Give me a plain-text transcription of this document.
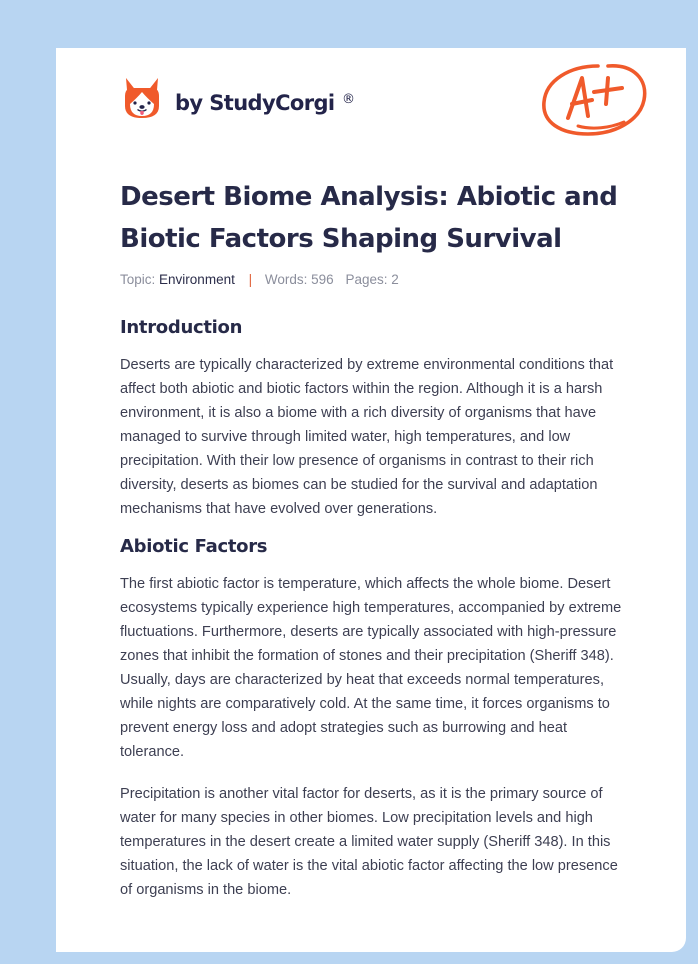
by StudyCorgi ®
Desert Biome Analysis: Abiotic and Biotic Factors Shaping Survival
Topic: Environment | Words: 596 Pages: 2
Introduction

Deserts are typically characterized by extreme environmental conditions that affect both abiotic and biotic factors within the region. Although it is a harsh environment, it is also a biome with a rich diversity of organisms that have managed to survive through limited water, high temperatures, and low precipitation. With their low presence of organisms in contrast to their rich diversity, deserts as biomes can be studied for the survival and adaptation mechanisms that have evolved over generations.

Abiotic Factors

The first abiotic factor is temperature, which affects the whole biome. Desert ecosystems typically experience high temperatures, accompanied by extreme fluctuations. Furthermore, deserts are typically associated with high-pressure zones that inhibit the formation of stones and their precipitation (Sheriff 348). Usually, days are characterized by heat that exceeds normal temperatures, while nights are comparatively cold. At the same time, it forces organisms to prevent energy loss and adopt strategies such as burrowing and heat tolerance.

Precipitation is another vital factor for deserts, as it is the primary source of water for many species in other biomes. Low precipitation levels and high temperatures in the desert create a limited water supply (Sheriff 348). In this situation, the lack of water is the vital abiotic factor affecting the low presence of organisms in the biome.
